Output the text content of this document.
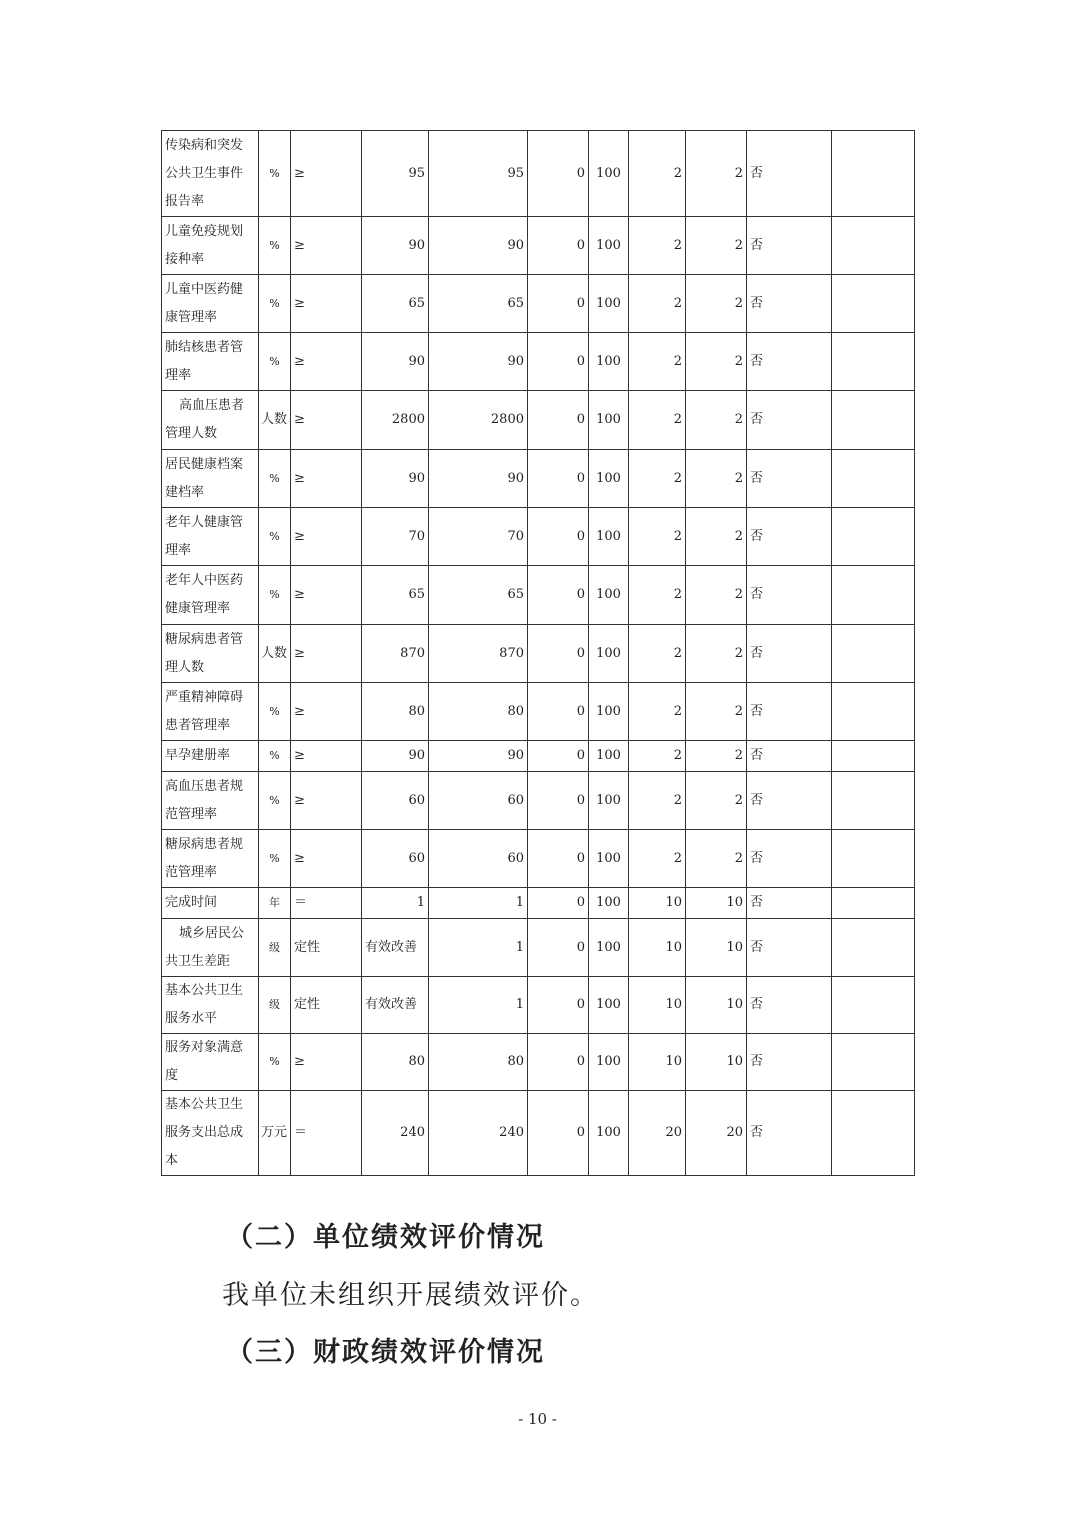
传染病和突发公共卫生事件报告率	%	≥	95	95	0	100	2	2	否	
儿童免疫规划接种率	%	≥	90	90	0	100	2	2	否	
儿童中医药健康管理率	%	≥	65	65	0	100	2	2	否	
肺结核患者管理率	%	≥	90	90	0	100	2	2	否	
高血压患者管理人数	人数	≥	2800	2800	0	100	2	2	否	
居民健康档案建档率	%	≥	90	90	0	100	2	2	否	
老年人健康管理率	%	≥	70	70	0	100	2	2	否	
老年人中医药健康管理率	%	≥	65	65	0	100	2	2	否	
糖尿病患者管理人数	人数	≥	870	870	0	100	2	2	否	
严重精神障碍患者管理率	%	≥	80	80	0	100	2	2	否	
早孕建册率	%	≥	90	90	0	100	2	2	否	
高血压患者规范管理率	%	≥	60	60	0	100	2	2	否	
糖尿病患者规范管理率	%	≥	60	60	0	100	2	2	否	
完成时间	年	＝	1	1	0	100	10	10	否	
城乡居民公共卫生差距	级	定性	有效改善	1	0	100	10	10	否	
基本公共卫生服务水平	级	定性	有效改善	1	0	100	10	10	否	
服务对象满意度	%	≥	80	80	0	100	10	10	否	
基本公共卫生服务支出总成本	万元	＝	240	240	0	100	20	20	否	
（二）单位绩效评价情况
我单位未组织开展绩效评价。
（三）财政绩效评价情况
- 10 -
